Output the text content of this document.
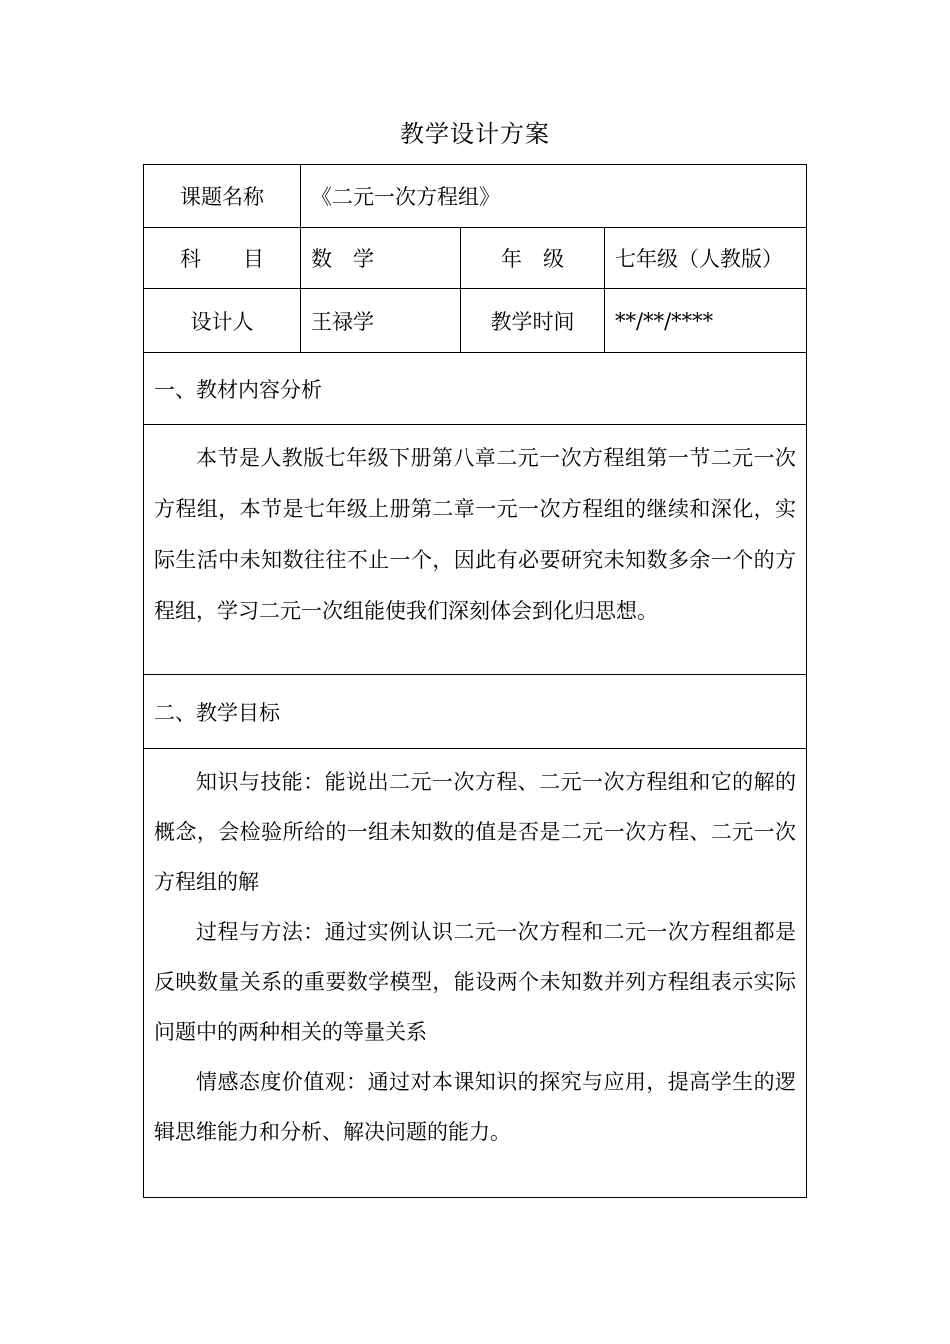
教学设计方案
课题名称	《二元一次方程组》		
科　　目	数　学	年　级	七年级（人教版）
设计人	王禄学	教学时间	**/**/****
一、教材内容分析			

本节是人教版七年级下册第八章二元一次方程组第一节二元一次方程组，本节是七年级上册第二章一元一次方程组的继续和深化，实际生活中未知数往往不止一个，因此有必要研究未知数多余一个的方程组，学习二元一次组能使我们深刻体会到化归思想。			

二、教学目标			

知识与技能：能说出二元一次方程、二元一次方程组和它的解的概念，会检验所给的一组未知数的值是否是二元一次方程、二元一次方程组的解

过程与方法：通过实例认识二元一次方程和二元一次方程组都是反映数量关系的重要数学模型，能设两个未知数并列方程组表示实际问题中的两种相关的等量关系

情感态度价值观：通过对本课知识的探究与应用，提高学生的逻辑思维能力和分析、解决问题的能力。			
